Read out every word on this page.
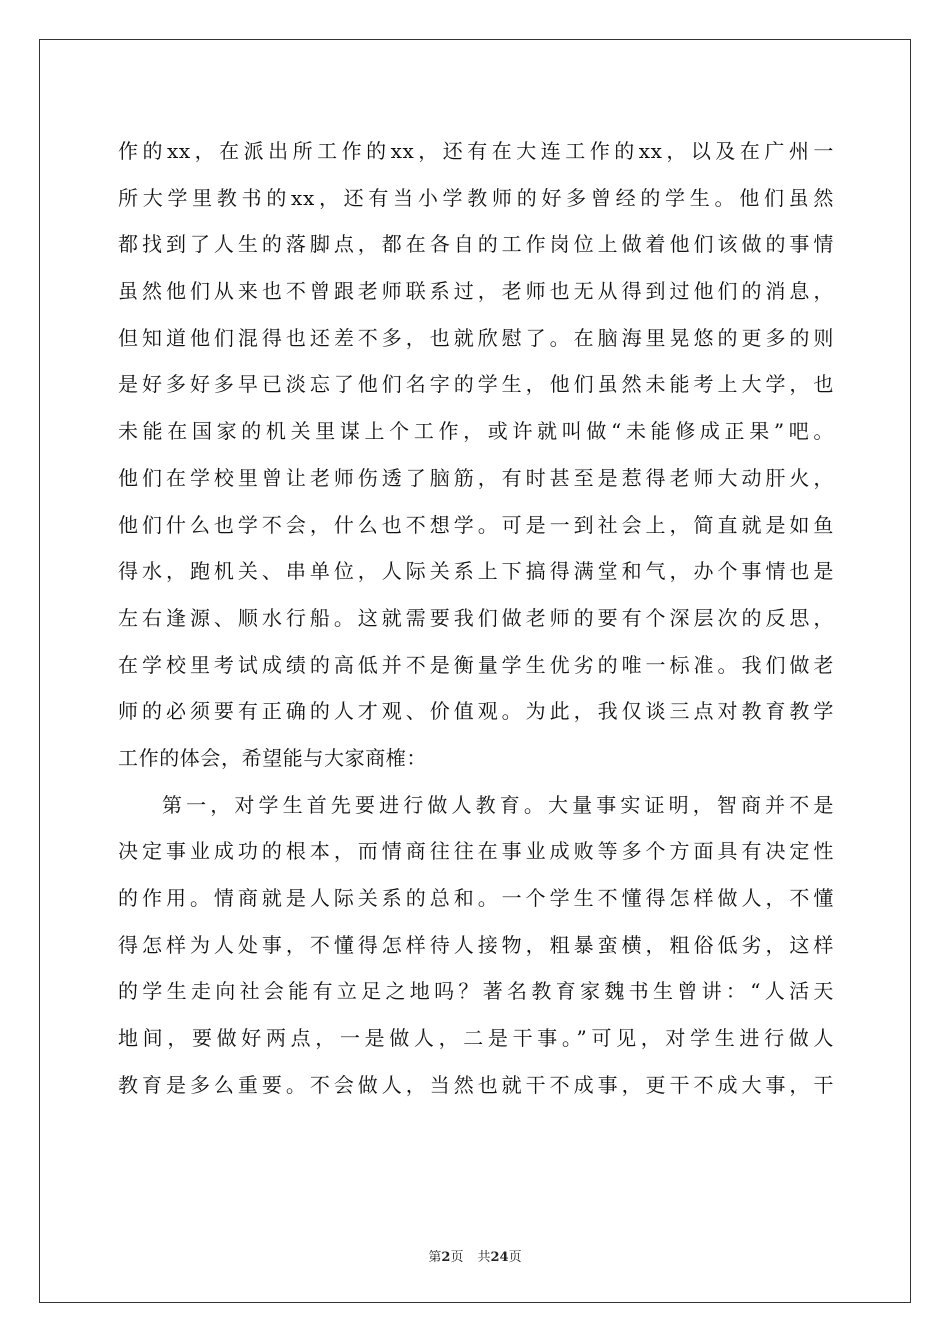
作的xx，在派出所工作的xx，还有在大连工作的xx，以及在广州一
所大学里教书的xx，还有当小学教师的好多曾经的学生。他们虽然
都找到了人生的落脚点，都在各自的工作岗位上做着他们该做的事情
虽然他们从来也不曾跟老师联系过，老师也无从得到过他们的消息，
但知道他们混得也还差不多，也就欣慰了。在脑海里晃悠的更多的则
是好多好多早已淡忘了他们名字的学生，他们虽然未能考上大学，也
未能在国家的机关里谋上个工作，或许就叫做“未能修成正果”吧。
他们在学校里曾让老师伤透了脑筋，有时甚至是惹得老师大动肝火，
他们什么也学不会，什么也不想学。可是一到社会上，简直就是如鱼
得水，跑机关、串单位，人际关系上下搞得满堂和气，办个事情也是
左右逢源、顺水行船。这就需要我们做老师的要有个深层次的反思，
在学校里考试成绩的高低并不是衡量学生优劣的唯一标准。我们做老
师的必须要有正确的人才观、价值观。为此，我仅谈三点对教育教学
工作的体会，希望能与大家商榷：
第一，对学生首先要进行做人教育。大量事实证明，智商并不是
决定事业成功的根本，而情商往往在事业成败等多个方面具有决定性
的作用。情商就是人际关系的总和。一个学生不懂得怎样做人，不懂
得怎样为人处事，不懂得怎样待人接物，粗暴蛮横，粗俗低劣，这样
的学生走向社会能有立足之地吗？著名教育家魏书生曾讲：“人活天
地间，要做好两点，一是做人，二是干事。”可见，对学生进行做人
教育是多么重要。不会做人，当然也就干不成事，更干不成大事，干
第2页 共24页
